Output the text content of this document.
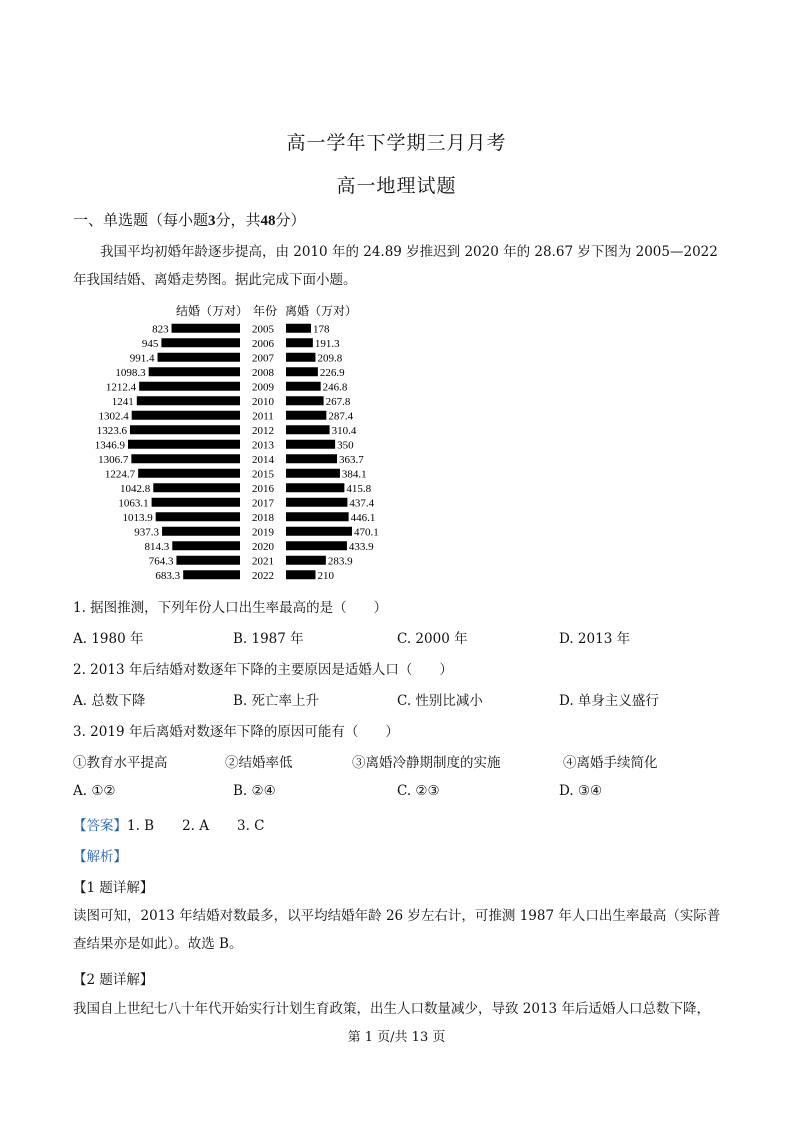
高一学年下学期三月月考
高一地理试题
一、单选题（每小题3分，共48分）
我国平均初婚年龄逐步提高，由 2010 年的 24.89 岁推迟到 2020 年的 28.67 岁下图为 2005—2022 年我国结婚、离婚走势图。据此完成下面小题。
结婚（万对） 年份 离婚（万对）
823	2005	178
945	2006	191.3
991.4	2007	209.8
1098.3	2008	226.9
1212.4	2009	246.8
1241	2010	267.8
1302.4	2011	287.4
1323.6	2012	310.4
1346.9	2013	350
1306.7	2014	363.7
1224.7	2015	384.1
1042.8	2016	415.8
1063.1	2017	437.4
1013.9	2018	446.1
937.3	2019	470.1
814.3	2020	433.9
764.3	2021	283.9
683.3	2022	210
1. 据图推测，下列年份人口出生率最高的是（　　）
A. 1980 年	B. 1987 年	C. 2000 年	D. 2013 年
2. 2013 年后结婚对数逐年下降的主要原因是适婚人口（　　）
A. 总数下降	B. 死亡率上升	C. 性别比减小	D. 单身主义盛行
3. 2019 年后离婚对数逐年下降的原因可能有（　　）
①教育水平提高	②结婚率低	③离婚冷静期制度的实施	④离婚手续简化
A. ①②	B. ②④	C. ②③	D. ③④
【答案】1. B 2. A 3. C
【解析】
【1 题详解】
读图可知，2013 年结婚对数最多，以平均结婚年龄 26 岁左右计，可推测 1987 年人口出生率最高（实际普查结果亦是如此）。故选 B。
【2 题详解】
我国自上世纪七八十年代开始实行计划生育政策，出生人口数量减少，导致 2013 年后适婚人口总数下降，
第 1 页/共 13 页
